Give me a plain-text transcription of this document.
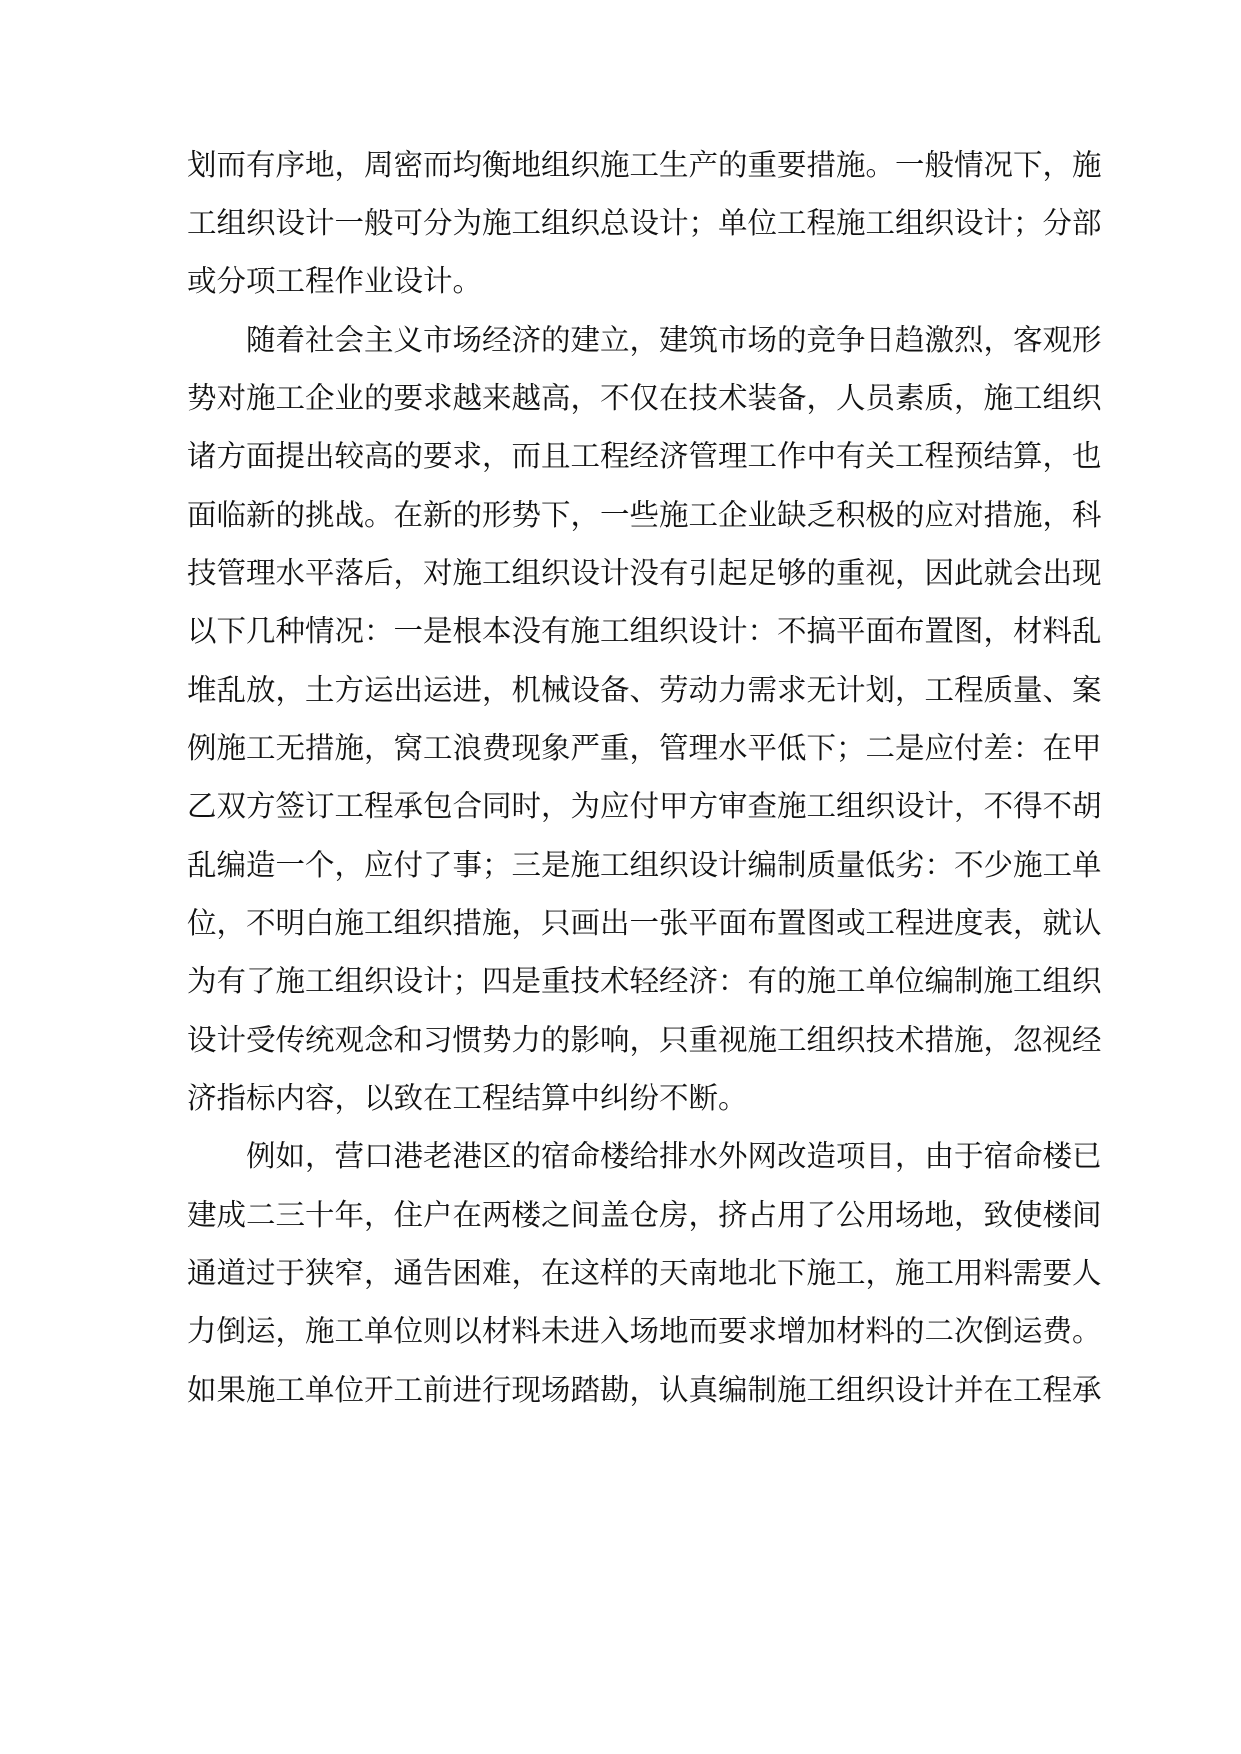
划而有序地，周密而均衡地组织施工生产的重要措施。一般情况下，施

工组织设计一般可分为施工组织总设计；单位工程施工组织设计；分部

或分项工程作业设计。

随着社会主义市场经济的建立，建筑市场的竞争日趋激烈，客观形

势对施工企业的要求越来越高，不仅在技术装备，人员素质，施工组织

诸方面提出较高的要求，而且工程经济管理工作中有关工程预结算，也

面临新的挑战。在新的形势下，一些施工企业缺乏积极的应对措施，科

技管理水平落后，对施工组织设计没有引起足够的重视，因此就会出现

以下几种情况：一是根本没有施工组织设计：不搞平面布置图，材料乱

堆乱放，土方运出运进，机械设备、劳动力需求无计划，工程质量、案

例施工无措施，窝工浪费现象严重，管理水平低下；二是应付差：在甲

乙双方签订工程承包合同时，为应付甲方审查施工组织设计，不得不胡

乱编造一个，应付了事；三是施工组织设计编制质量低劣：不少施工单

位，不明白施工组织措施，只画出一张平面布置图或工程进度表，就认

为有了施工组织设计；四是重技术轻经济：有的施工单位编制施工组织

设计受传统观念和习惯势力的影响，只重视施工组织技术措施，忽视经

济指标内容，以致在工程结算中纠纷不断。

例如，营口港老港区的宿命楼给排水外网改造项目，由于宿命楼已

建成二三十年，住户在两楼之间盖仓房，挤占用了公用场地，致使楼间

通道过于狭窄，通告困难，在这样的天南地北下施工，施工用料需要人

力倒运，施工单位则以材料未进入场地而要求增加材料的二次倒运费。

如果施工单位开工前进行现场踏勘，认真编制施工组织设计并在工程承
